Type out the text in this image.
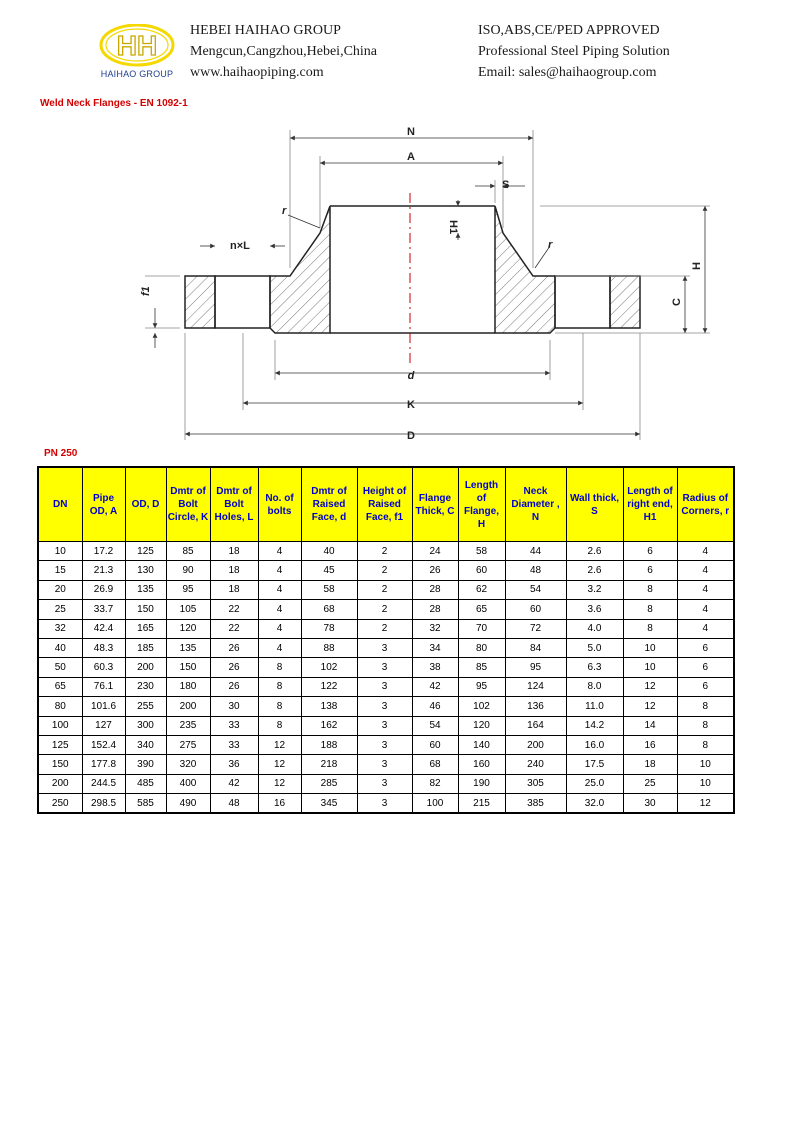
HH
HAIHAO GROUP
HEBEI HAIHAO GROUP
Mengcun,Cangzhou,Hebei,China
www.haihaopiping.com
ISO,ABS,CE/PED APPROVED
Professional Steel Piping Solution
Email: sales@haihaogroup.com
Weld Neck Flanges - EN 1092-1
N
A
S
H1
r
r
n×L
f1
H
C
d
K
D
PN 250
DN	Pipe OD, A	OD, D	Dmtr of Bolt Circle, K	Dmtr of Bolt Holes, L	No. of bolts	Dmtr of Raised Face, d	Height of Raised Face, f1	Flange Thick, C	Length of Flange, H	Neck Diameter , N	Wall thick, S	Length of right end, H1	Radius of Corners, r
10	17.2	125	85	18	4	40	2	24	58	44	2.6	6	4
15	21.3	130	90	18	4	45	2	26	60	48	2.6	6	4
20	26.9	135	95	18	4	58	2	28	62	54	3.2	8	4
25	33.7	150	105	22	4	68	2	28	65	60	3.6	8	4
32	42.4	165	120	22	4	78	2	32	70	72	4.0	8	4
40	48.3	185	135	26	4	88	3	34	80	84	5.0	10	6
50	60.3	200	150	26	8	102	3	38	85	95	6.3	10	6
65	76.1	230	180	26	8	122	3	42	95	124	8.0	12	6
80	101.6	255	200	30	8	138	3	46	102	136	11.0	12	8
100	127	300	235	33	8	162	3	54	120	164	14.2	14	8
125	152.4	340	275	33	12	188	3	60	140	200	16.0	16	8
150	177.8	390	320	36	12	218	3	68	160	240	17.5	18	10
200	244.5	485	400	42	12	285	3	82	190	305	25.0	25	10
250	298.5	585	490	48	16	345	3	100	215	385	32.0	30	12
